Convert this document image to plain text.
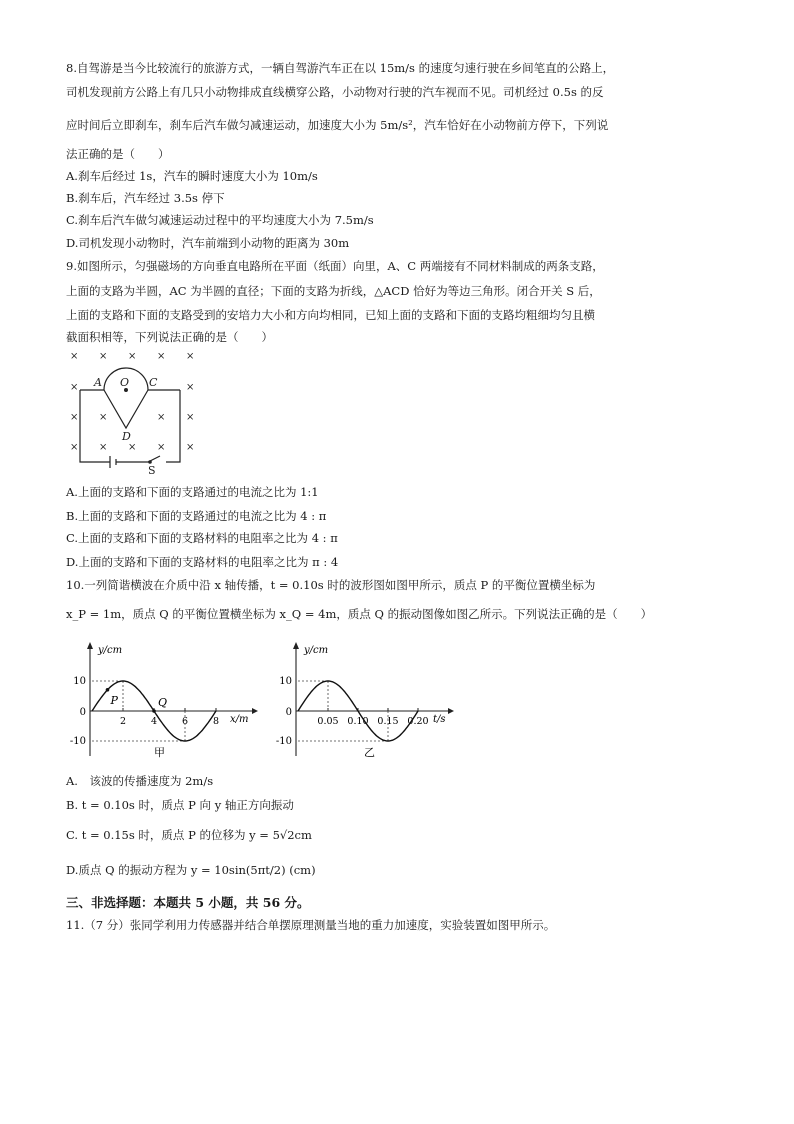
8.自驾游是当今比较流行的旅游方式，一辆自驾游汽车正在以 15m/s 的速度匀速行驶在乡间笔直的公路上，
司机发现前方公路上有几只小动物排成直线横穿公路，小动物对行驶的汽车视而不见。司机经过 0.5s 的反
应时间后立即刹车，刹车后汽车做匀减速运动，加速度大小为 5m/s²，汽车恰好在小动物前方停下，下列说
法正确的是（　　）
A.刹车后经过 1s，汽车的瞬时速度大小为 10m/s
B.刹车后，汽车经过 3.5s 停下
C.刹车后汽车做匀减速运动过程中的平均速度大小为 7.5m/s
D.司机发现小动物时，汽车前端到小动物的距离为 30m
9.如图所示，匀强磁场的方向垂直电路所在平面（纸面）向里，A、C 两端接有不同材料制成的两条支路，
上面的支路为半圆，AC 为半圆的直径；下面的支路为折线，△ACD 恰好为等边三角形。闭合开关 S 后，
上面的支路和下面的支路受到的安培力大小和方向均相同，已知上面的支路和下面的支路均粗细均匀且横
截面积相等，下列说法正确的是（　　）
× × × × ×
×	×
× ×	× ×
× × × × ×
A O C
D
S
A.上面的支路和下面的支路通过的电流之比为 1:1
B.上面的支路和下面的支路通过的电流之比为 4 : π
C.上面的支路和下面的支路材料的电阻率之比为 4 : π
D.上面的支路和下面的支路材料的电阻率之比为 π : 4
10.一列简谐横波在介质中沿 x 轴传播，t = 0.10s 时的波形图如图甲所示，质点 P 的平衡位置横坐标为
x_P = 1m，质点 Q 的平衡位置横坐标为 x_Q = 4m，质点 Q 的振动图像如图乙所示。下列说法正确的是（　　）
y/cm
x/m
10
0
-10
2	4	6	8
P	Q
甲
y/cm
t/s
10
0
-10
0.05 0.10 0.15 0.20
乙
A.　该波的传播速度为 2m/s
B. t = 0.10s 时，质点 P 向 y 轴正方向振动
C. t = 0.15s 时，质点 P 的位移为 y = 5√2cm
D.质点 Q 的振动方程为 y = 10sin(5πt/2) (cm)
三、非选择题：本题共 5 小题，共 56 分。
11.（7 分）张同学利用力传感器并结合单摆原理测量当地的重力加速度，实验装置如图甲所示。
